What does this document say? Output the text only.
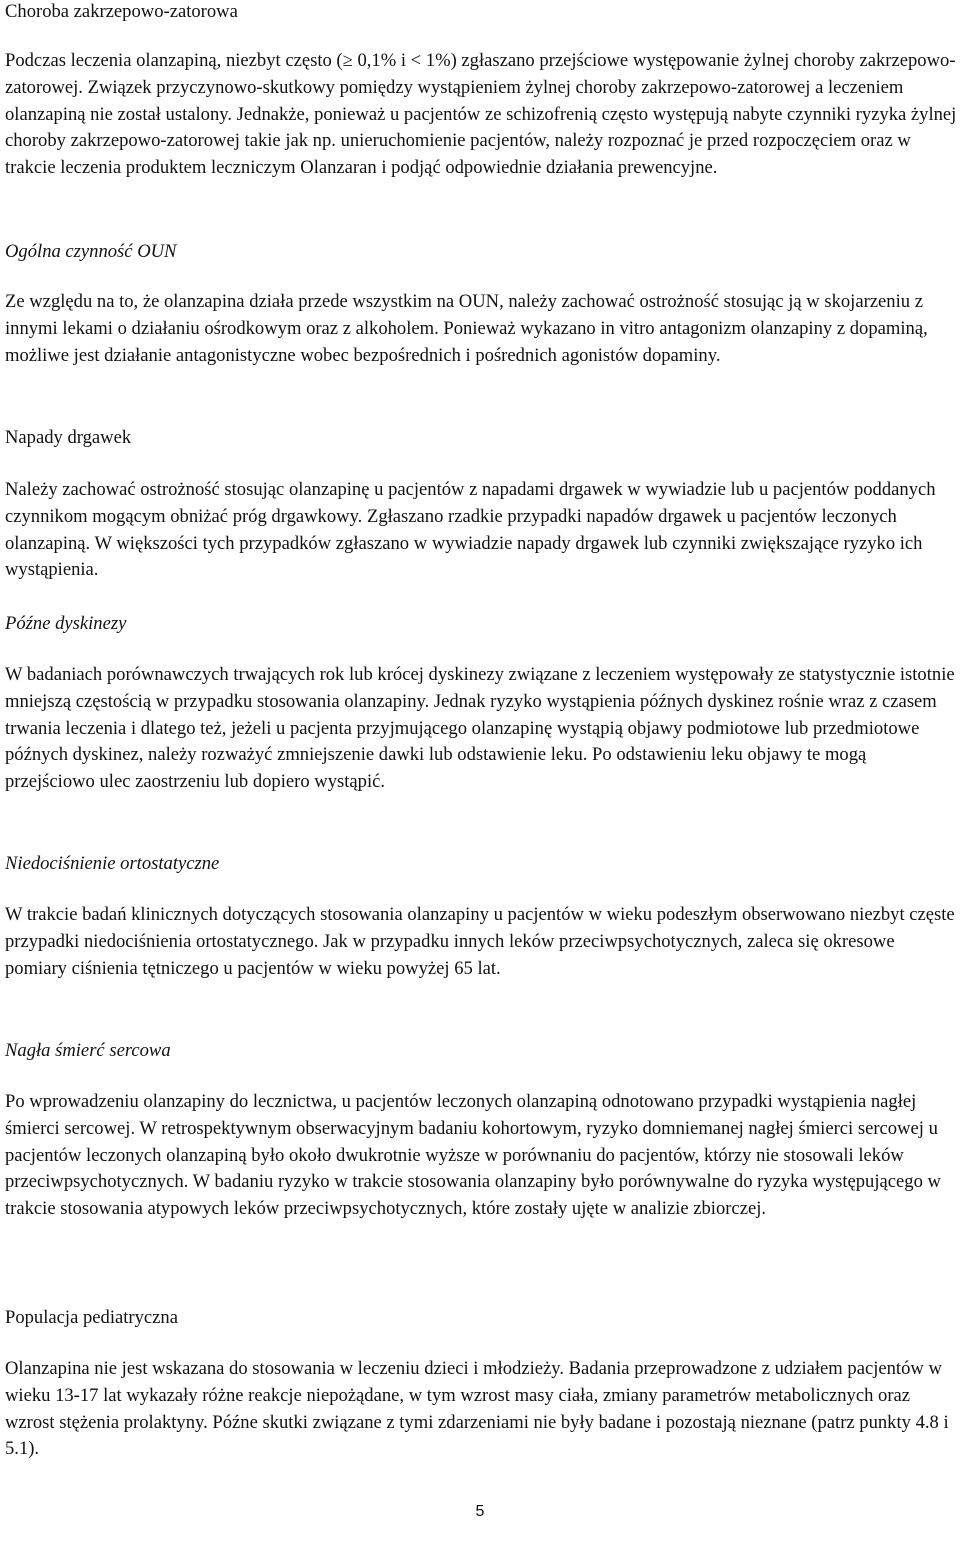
Choroba zakrzepowo-zatorowa

Podczas leczenia olanzapiną, niezbyt często (≥ 0,1% i < 1%) zgłaszano przejściowe występowanie żylnej choroby zakrzepowo-zatorowej. Związek przyczynowo-skutkowy pomiędzy wystąpieniem żylnej choroby zakrzepowo-zatorowej a leczeniem olanzapiną nie został ustalony. Jednakże, ponieważ u pacjentów ze schizofrenią często występują nabyte czynniki ryzyka żylnej choroby zakrzepowo-zatorowej takie jak np. unieruchomienie pacjentów, należy rozpoznać je przed rozpoczęciem oraz w trakcie leczenia produktem leczniczym Olanzaran i podjąć odpowiednie działania prewencyjne.

Ogólna czynność OUN

Ze względu na to, że olanzapina działa przede wszystkim na OUN, należy zachować ostrożność stosując ją w skojarzeniu z innymi lekami o działaniu ośrodkowym oraz z alkoholem. Ponieważ wykazano in vitro antagonizm olanzapiny z dopaminą, możliwe jest działanie antagonistyczne wobec bezpośrednich i pośrednich agonistów dopaminy.

Napady drgawek

Należy zachować ostrożność stosując olanzapinę u pacjentów z napadami drgawek w wywiadzie lub u pacjentów poddanych czynnikom mogącym obniżać próg drgawkowy. Zgłaszano rzadkie przypadki napadów drgawek u pacjentów leczonych olanzapiną. W większości tych przypadków zgłaszano w wywiadzie napady drgawek lub czynniki zwiększające ryzyko ich wystąpienia.

Późne dyskinezy

W badaniach porównawczych trwających rok lub krócej dyskinezy związane z leczeniem występowały ze statystycznie istotnie mniejszą częstością w przypadku stosowania olanzapiny. Jednak ryzyko wystąpienia późnych dyskinez rośnie wraz z czasem trwania leczenia i dlatego też, jeżeli u pacjenta przyjmującego olanzapinę wystąpią objawy podmiotowe lub przedmiotowe późnych dyskinez, należy rozważyć zmniejszenie dawki lub odstawienie leku. Po odstawieniu leku objawy te mogą przejściowo ulec zaostrzeniu lub dopiero wystąpić.

Niedociśnienie ortostatyczne

W trakcie badań klinicznych dotyczących stosowania olanzapiny u pacjentów w wieku podeszłym obserwowano niezbyt częste przypadki niedociśnienia ortostatycznego. Jak w przypadku innych leków przeciwpsychotycznych, zaleca się okresowe pomiary ciśnienia tętniczego u pacjentów w wieku powyżej 65 lat.

Nagła śmierć sercowa

Po wprowadzeniu olanzapiny do lecznictwa, u pacjentów leczonych olanzapiną odnotowano przypadki wystąpienia nagłej śmierci sercowej. W retrospektywnym obserwacyjnym badaniu kohortowym, ryzyko domniemanej nagłej śmierci sercowej u pacjentów leczonych olanzapiną było około dwukrotnie wyższe w porównaniu do pacjentów, którzy nie stosowali leków przeciwpsychotycznych. W badaniu ryzyko w trakcie stosowania olanzapiny było porównywalne do ryzyka występującego w trakcie stosowania atypowych leków przeciwpsychotycznych, które zostały ujęte w analizie zbiorczej.

Populacja pediatryczna

Olanzapina nie jest wskazana do stosowania w leczeniu dzieci i młodzieży. Badania przeprowadzone z udziałem pacjentów w wieku 13-17 lat wykazały różne reakcje niepożądane, w tym wzrost masy ciała, zmiany parametrów metabolicznych oraz wzrost stężenia prolaktyny. Późne skutki związane z tymi zdarzeniami nie były badane i pozostają nieznane (patrz punkty 4.8 i 5.1).

5
